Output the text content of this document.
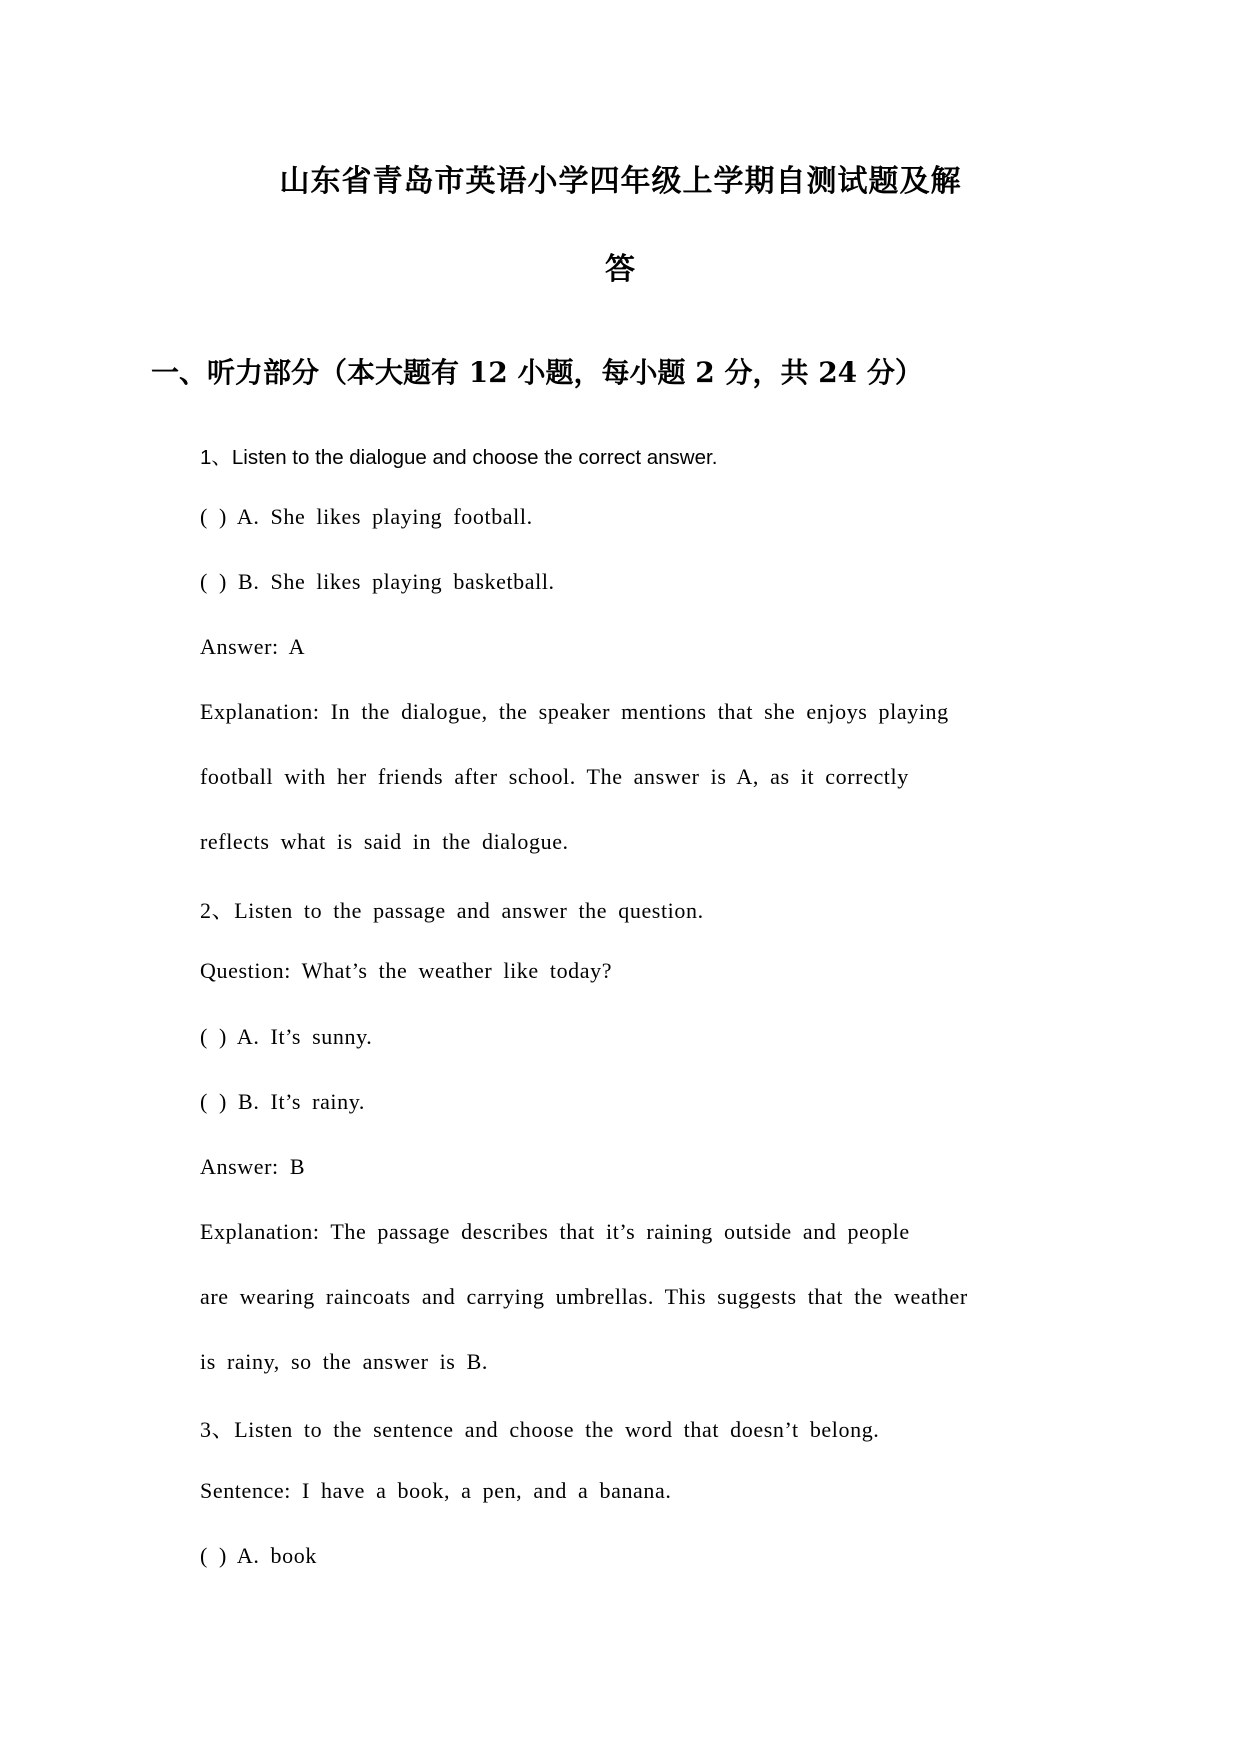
山东省青岛市英语小学四年级上学期自测试题及解
答
一、听力部分（本大题有 12 小题，每小题 2 分，共 24 分）
1、Listen to the dialogue and choose the correct answer.
( ) A. She likes playing football.
( ) B. She likes playing basketball.
Answer: A
Explanation: In the dialogue, the speaker mentions that she enjoys playing
football with her friends after school. The answer is A, as it correctly
reflects what is said in the dialogue.
2、Listen to the passage and answer the question.
Question: What’s the weather like today?
( ) A. It’s sunny.
( ) B. It’s rainy.
Answer: B
Explanation: The passage describes that it’s raining outside and people
are wearing raincoats and carrying umbrellas. This suggests that the weather
is rainy, so the answer is B.
3、Listen to the sentence and choose the word that doesn’t belong.
Sentence: I have a book, a pen, and a banana.
( ) A. book
